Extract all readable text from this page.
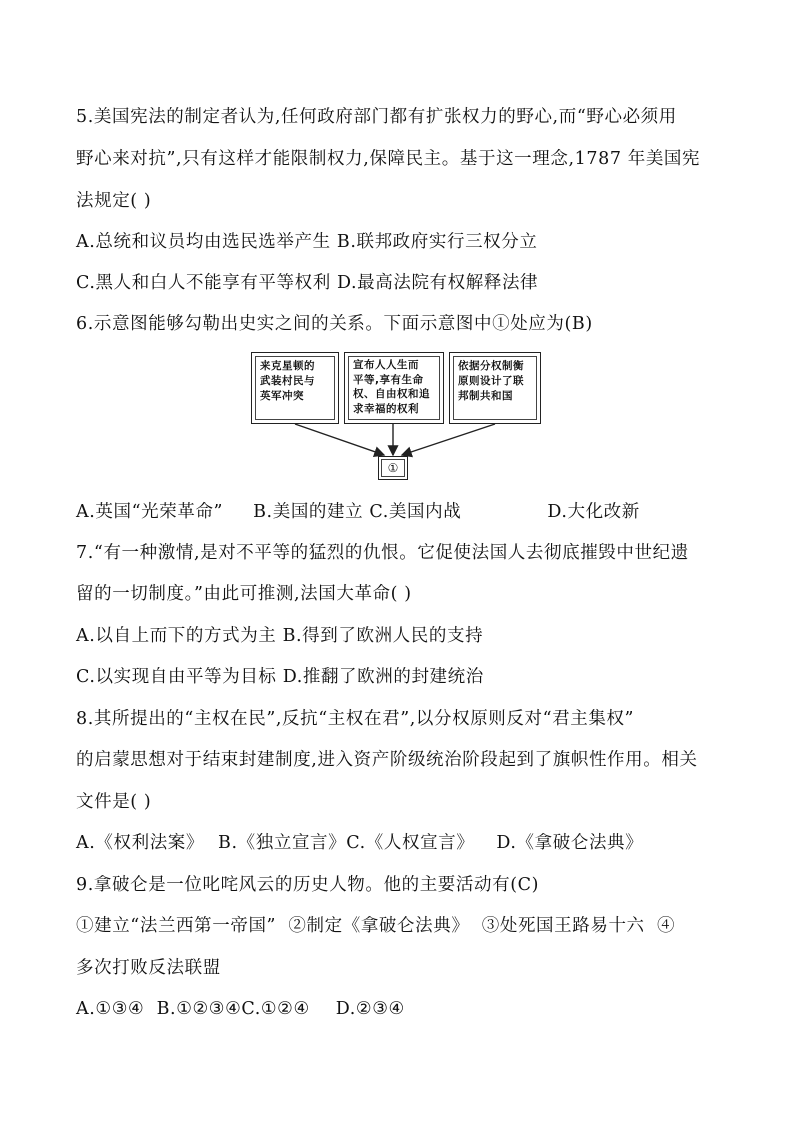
5.美国宪法的制定者认为,任何政府部门都有扩张权力的野心,而“野心必须用
野心来对抗”,只有这样才能限制权力,保障民主。基于这一理念,1787 年美国宪
法规定( )
A.总统和议员均由选民选举产生 B.联邦政府实行三权分立
C.黑人和白人不能享有平等权利 D.最高法院有权解释法律
6.示意图能够勾勒出史实之间的关系。下面示意图中①处应为(B)
来克星顿的
武装村民与
英军冲突
宣布人人生而
平等,享有生命
权、自由权和追
求幸福的权利
依据分权制衡
原则设计了联
邦制共和国
①
A.英国“光荣革命” B.美国的建立 C.美国内战	D.大化改新
7.“有一种激情,是对不平等的猛烈的仇恨。它促使法国人去彻底摧毁中世纪遗
留的一切制度。”由此可推测,法国大革命( )
A.以自上而下的方式为主 B.得到了欧洲人民的支持
C.以实现自由平等为目标 D.推翻了欧洲的封建统治
8.其所提出的“主权在民”,反抗“主权在君”,以分权原则反对“君主集权”
的启蒙思想对于结束封建制度,进入资产阶级统治阶段起到了旗帜性作用。相关
文件是( )
A.《权利法案》 B.《独立宣言》C.《人权宣言》 D.《拿破仑法典》
9.拿破仑是一位叱咤风云的历史人物。他的主要活动有(C)
①建立“法兰西第一帝国”  ②制定《拿破仑法典》  ③处死国王路易十六  ④
多次打败反法联盟
A.①③④  B.①②③④C.①②④ D.②③④
